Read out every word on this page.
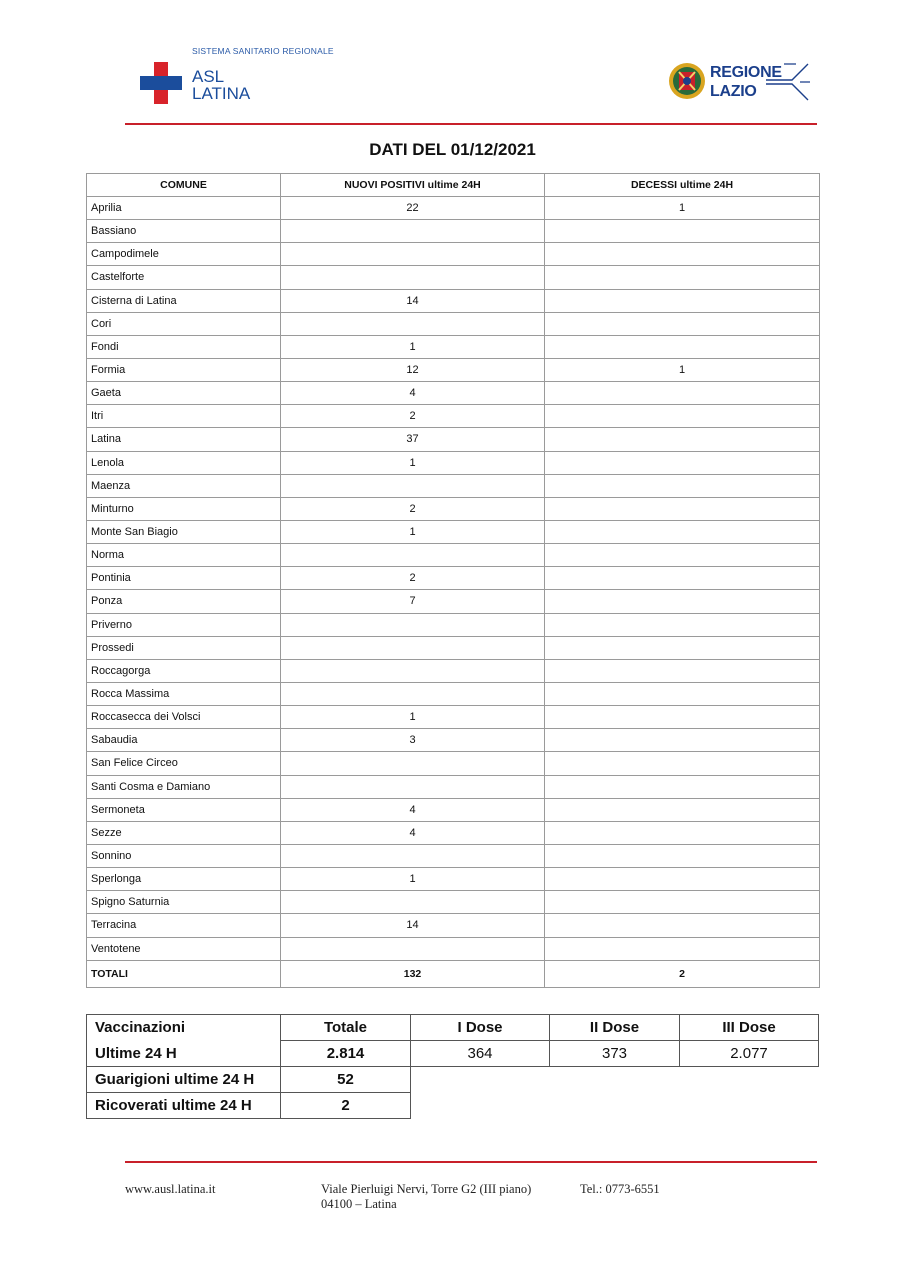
SISTEMA SANITARIO REGIONALE
ASL
LATINA
REGIONE
LAZIO
DATI DEL 01/12/2021
COMUNE	NUOVI POSITIVI ultime 24H	DECESSI ultime 24H
Aprilia	22	1
Bassiano		
Campodimele		
Castelforte		
Cisterna di Latina	14	
Cori		
Fondi	1	
Formia	12	1
Gaeta	4	
Itri	2	
Latina	37	
Lenola	1	
Maenza		
Minturno	2	
Monte San Biagio	1	
Norma		
Pontinia	2	
Ponza	7	
Priverno		
Prossedi		
Roccagorga		
Rocca Massima		
Roccasecca dei Volsci	1	
Sabaudia	3	
San Felice Circeo		
Santi Cosma e Damiano		
Sermoneta	4	
Sezze	4	
Sonnino		
Sperlonga	1	
Spigno Saturnia		
Terracina	14	
Ventotene		
TOTALI	132	2
Vaccinazioni	Totale	I Dose	II Dose	III Dose
Ultime 24 H	2.814	364	373	2.077
Guarigioni ultime 24 H	52			
Ricoverati ultime 24 H	2			
www.ausl.latina.it	Viale Pierluigi Nervi, Torre G2 (III piano)
04100 – Latina
Tel.: 0773-6551
